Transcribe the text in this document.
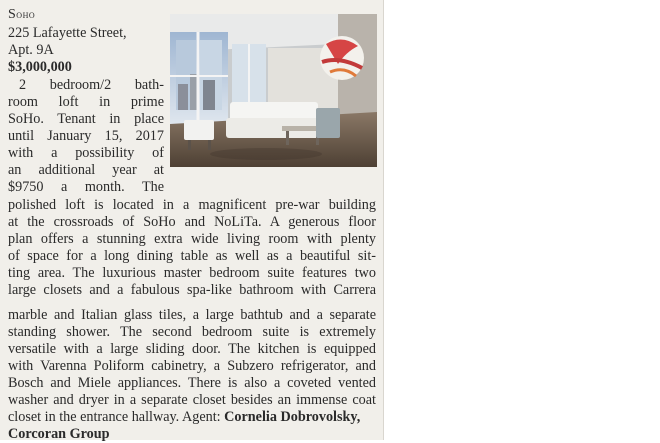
Soho
225 Lafayette Street,
Apt. 9A
$3,000,000
2 bedroom/2 bath-
room loft in prime
SoHo. Tenant in place
until January 15, 2017
with a possibility of
an additional year at
$9750 a month. The
polished loft is located in a magnificent pre-war building
at the crossroads of SoHo and NoLiTa. A generous floor
plan offers a stunning extra wide living room with plenty
of space for a long dining table as well as a beautiful sit-
ting area. The luxurious master bedroom suite features two
large closets and a fabulous spa-like bathroom with Carrera
marble and Italian glass tiles, a large bathtub and a separate
standing shower. The second bedroom suite is extremely
versatile with a large sliding door. The kitchen is equipped
with Varenna Poliform cabinetry, a Subzero refrigerator, and
Bosch and Miele appliances. There is also a coveted vented
washer and dryer in a separate closet besides an immense coat
closet in the entrance hallway. Agent: Cornelia Dobrovolsky,
Corcoran Group
